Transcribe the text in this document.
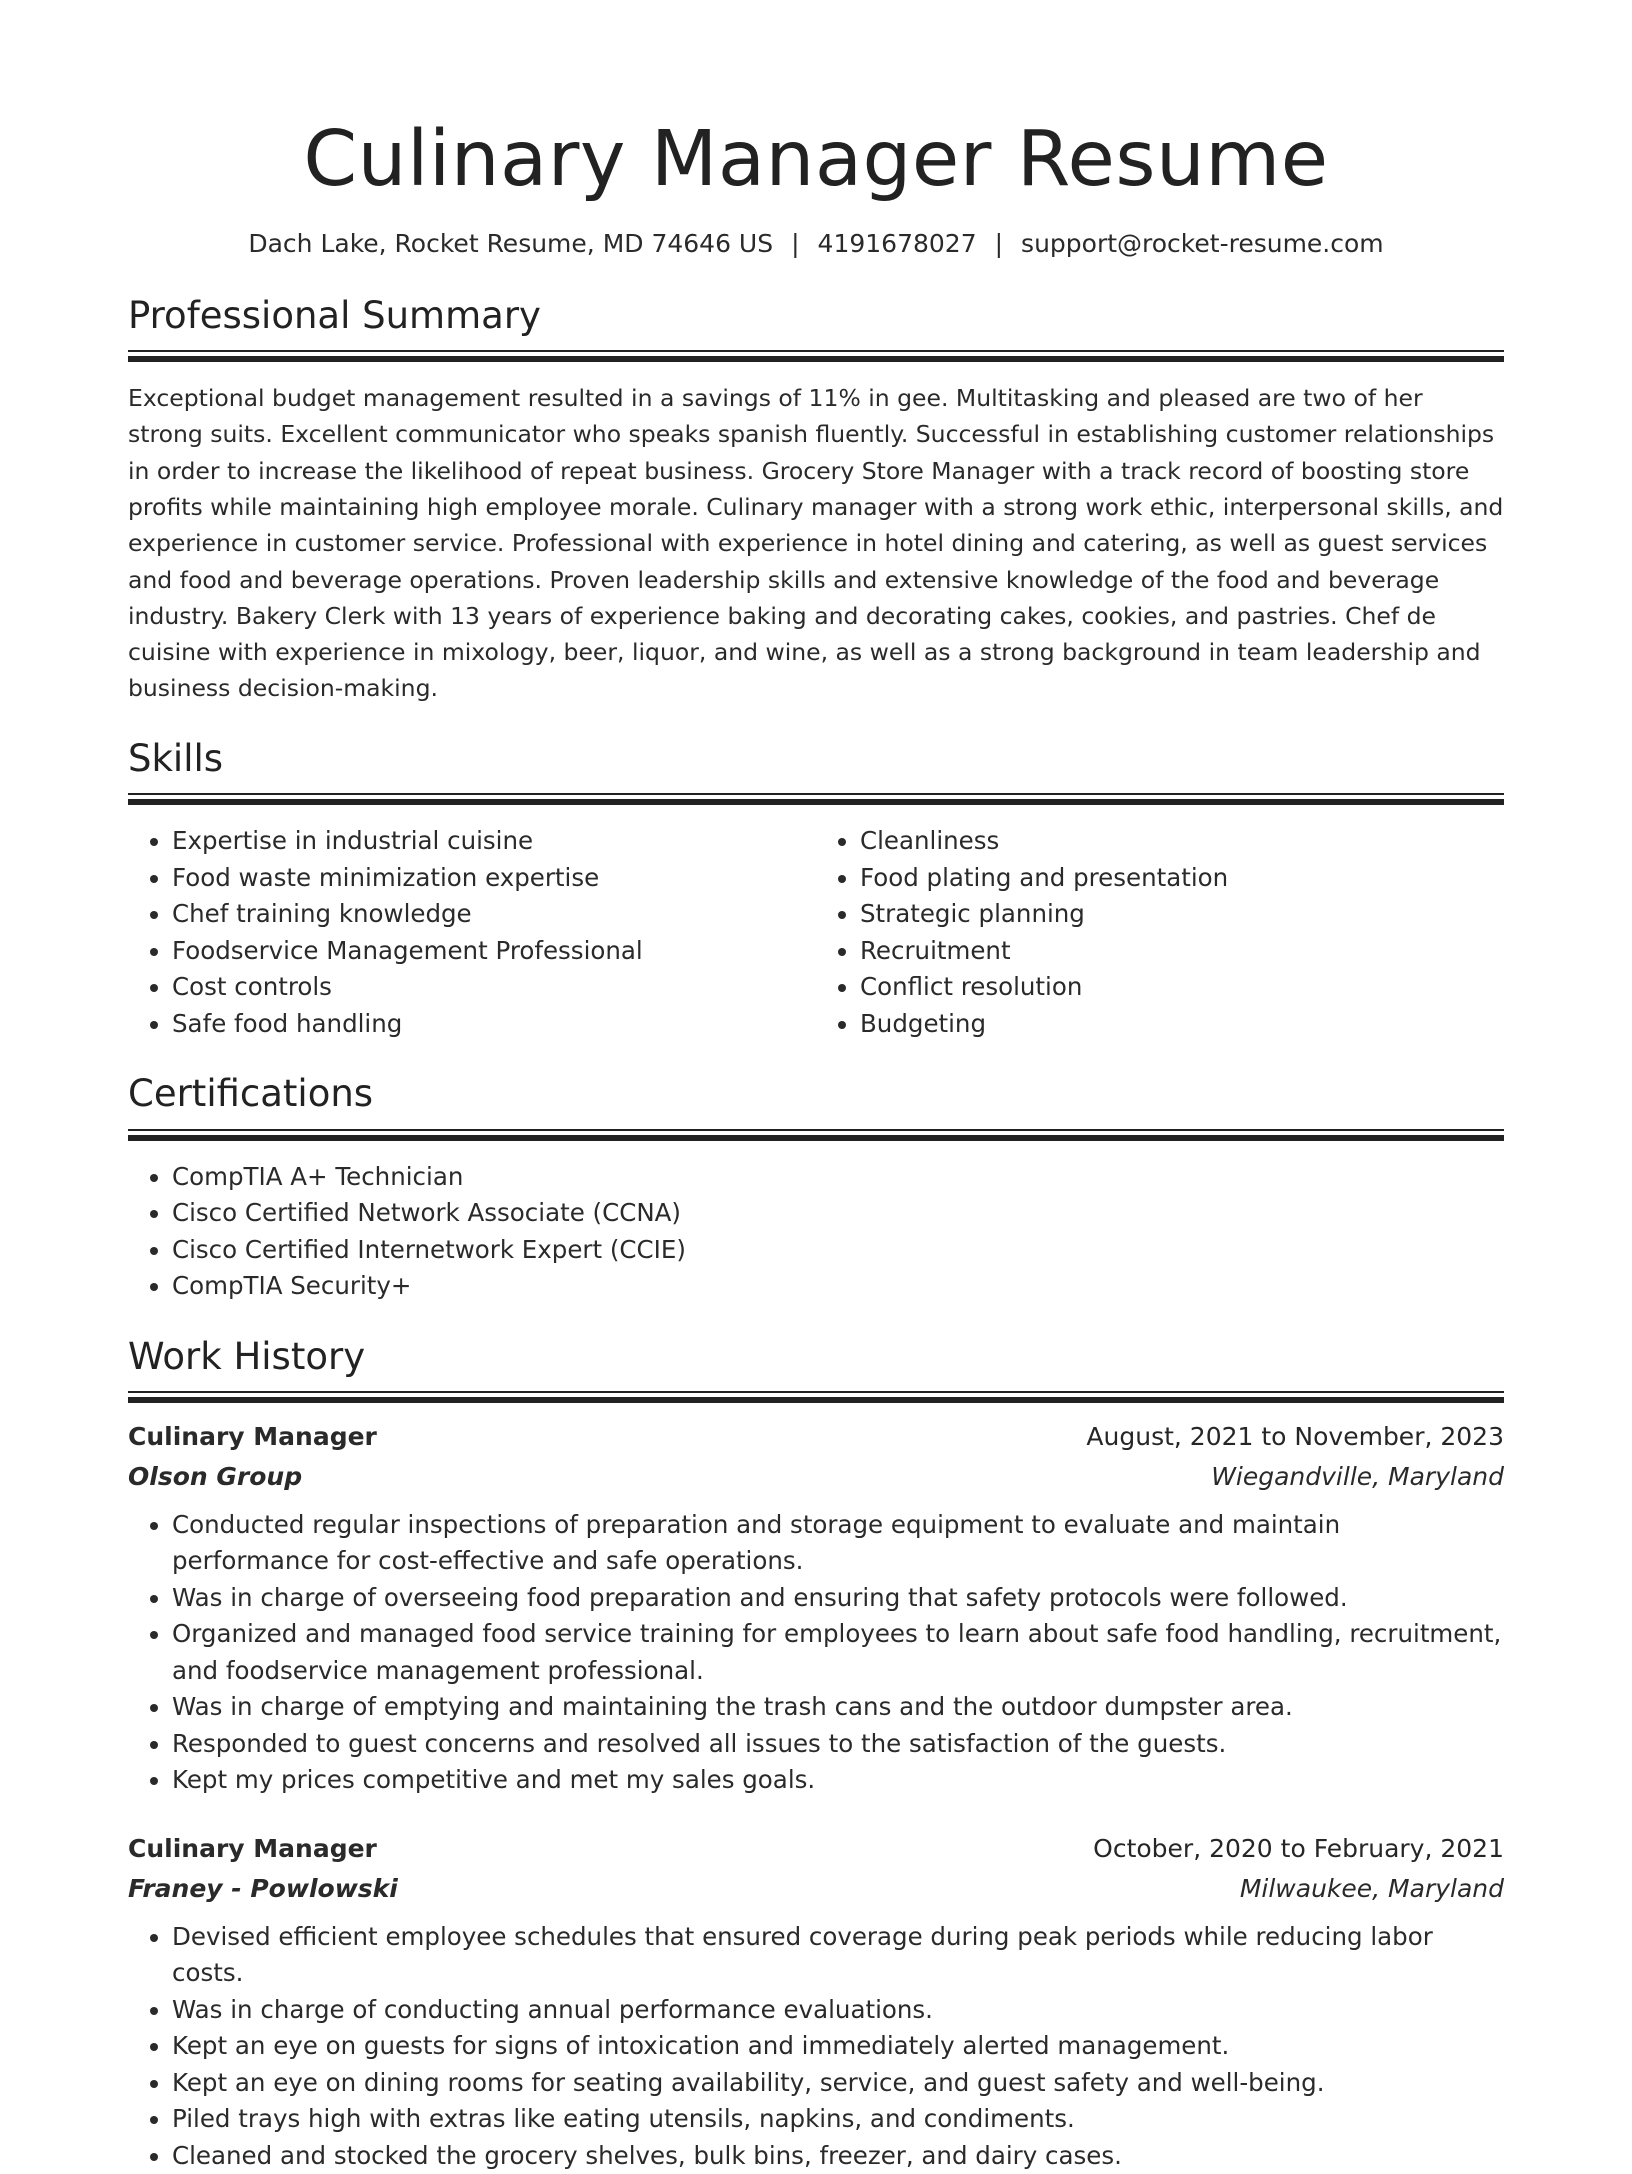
Culinary Manager Resume
Dach Lake, Rocket Resume, MD 74646 US | 4191678027 | support@rocket-resume.com
Professional Summary
Exceptional budget management resulted in a savings of 11% in gee. Multitasking and pleased are two of her strong suits. Excellent communicator who speaks spanish fluently. Successful in establishing customer relationships in order to increase the likelihood of repeat business. Grocery Store Manager with a track record of boosting store profits while maintaining high employee morale. Culinary manager with a strong work ethic, interpersonal skills, and experience in customer service. Professional with experience in hotel dining and catering, as well as guest services and food and beverage operations. Proven leadership skills and extensive knowledge of the food and beverage industry. Bakery Clerk with 13 years of experience baking and decorating cakes, cookies, and pastries. Chef de cuisine with experience in mixology, beer, liquor, and wine, as well as a strong background in team leadership and business decision-making.
Skills
• Expertise in industrial cuisine
• Food waste minimization expertise
• Chef training knowledge
• Foodservice Management Professional
• Cost controls
• Safe food handling
• Cleanliness
• Food plating and presentation
• Strategic planning
• Recruitment
• Conflict resolution
• Budgeting
Certifications
• CompTIA A+ Technician
• Cisco Certified Network Associate (CCNA)
• Cisco Certified Internetwork Expert (CCIE)
• CompTIA Security+
Work History
Culinary Manager	August, 2021 to November, 2023
Olson Group	Wiegandville, Maryland
• Conducted regular inspections of preparation and storage equipment to evaluate and maintain performance for cost-effective and safe operations.
• Was in charge of overseeing food preparation and ensuring that safety protocols were followed.
• Organized and managed food service training for employees to learn about safe food handling, recruitment, and foodservice management professional.
• Was in charge of emptying and maintaining the trash cans and the outdoor dumpster area.
• Responded to guest concerns and resolved all issues to the satisfaction of the guests.
• Kept my prices competitive and met my sales goals.
Culinary Manager	October, 2020 to February, 2021
Franey - Powlowski	Milwaukee, Maryland
• Devised efficient employee schedules that ensured coverage during peak periods while reducing labor costs.
• Was in charge of conducting annual performance evaluations.
• Kept an eye on guests for signs of intoxication and immediately alerted management.
• Kept an eye on dining rooms for seating availability, service, and guest safety and well-being.
• Piled trays high with extras like eating utensils, napkins, and condiments.
• Cleaned and stocked the grocery shelves, bulk bins, freezer, and dairy cases.
